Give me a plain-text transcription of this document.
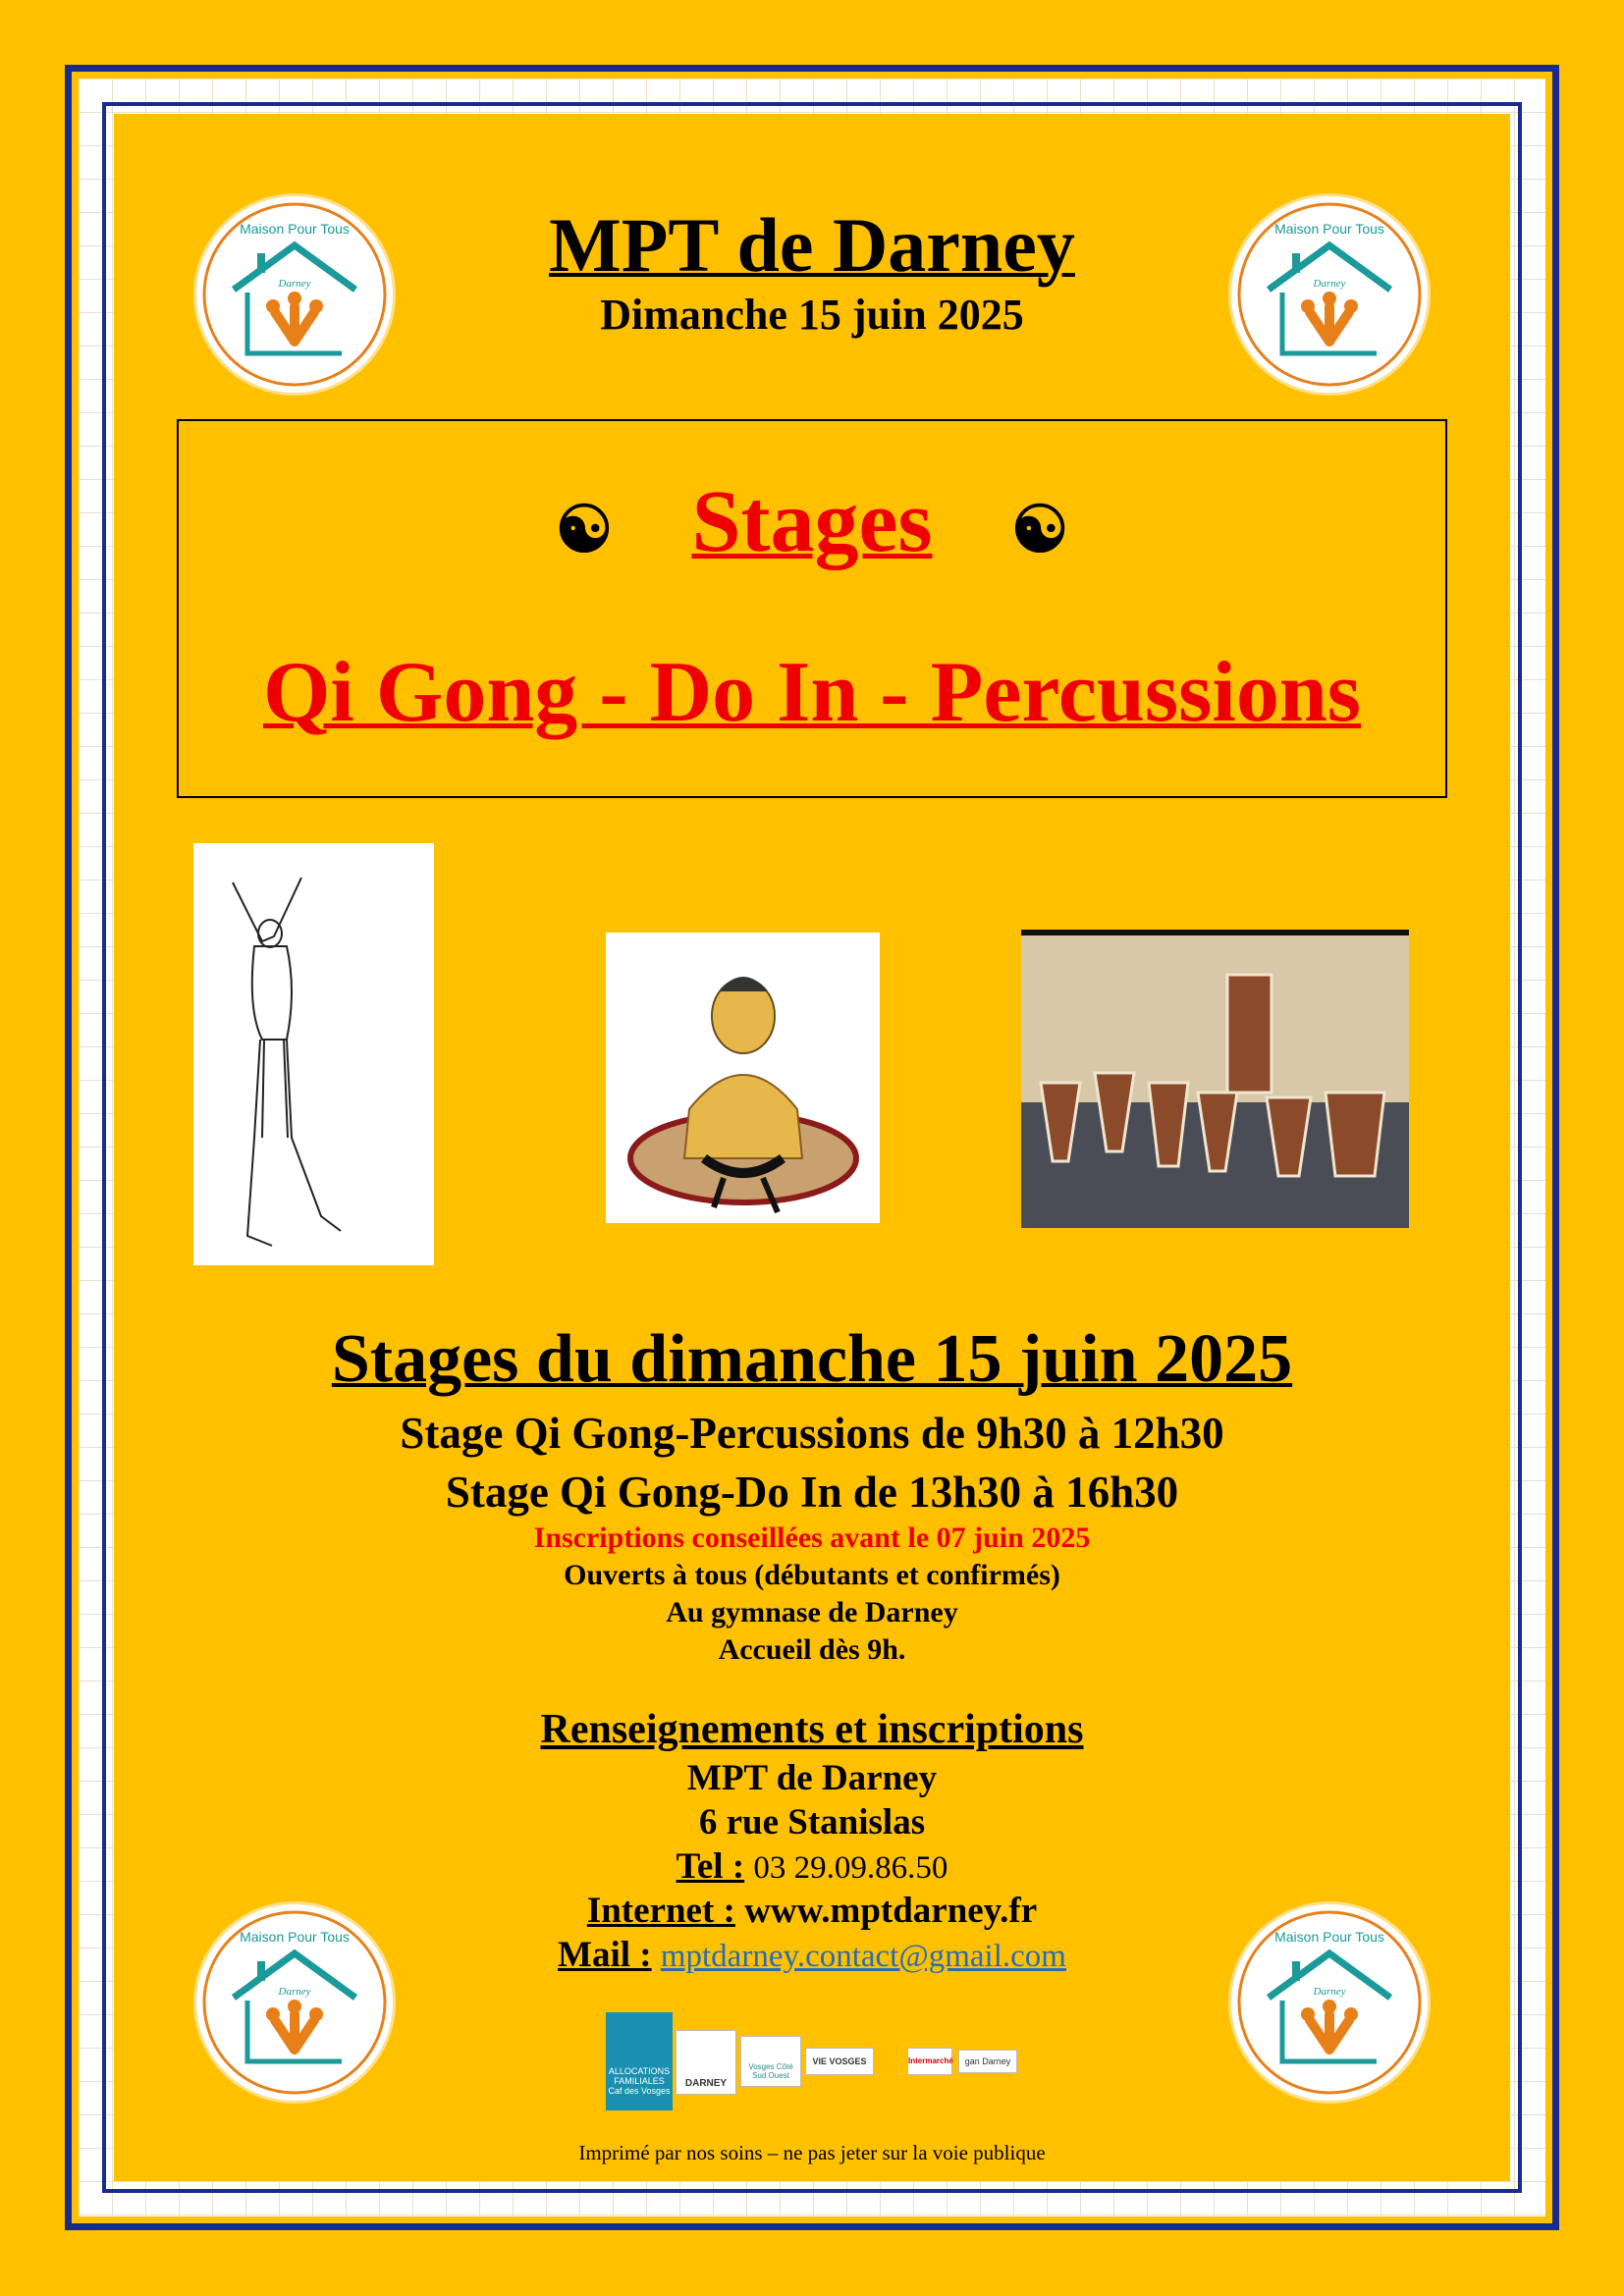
MPT de Darney
Dimanche 15 juin 2025
Darney
Maison Pour Tous
Darney
Maison Pour Tous
Darney
Maison Pour Tous
Darney
Maison Pour Tous
☯ Stages ☯
Qi Gong - Do In - Percussions
Stages du dimanche 15 juin 2025
Stage Qi Gong-Percussions de 9h30 à 12h30
Stage Qi Gong-Do In de 13h30 à 16h30
Inscriptions conseillées avant le 07 juin 2025
Ouverts à tous (débutants et confirmés)
Au gymnase de Darney
Accueil dès 9h.
Renseignements et inscriptions
MPT de Darney
6 rue Stanislas
Tel : 03 29.09.86.50
Internet : www.mptdarney.fr
Mail : mptdarney.contact@gmail.com
ALLOCATIONS FAMILIALES Caf des Vosges
DARNEY
Vosges Côté Sud Ouest
VIE VOSGES	Intermarché	gan Darney
Imprimé par nos soins – ne pas jeter sur la voie publique
